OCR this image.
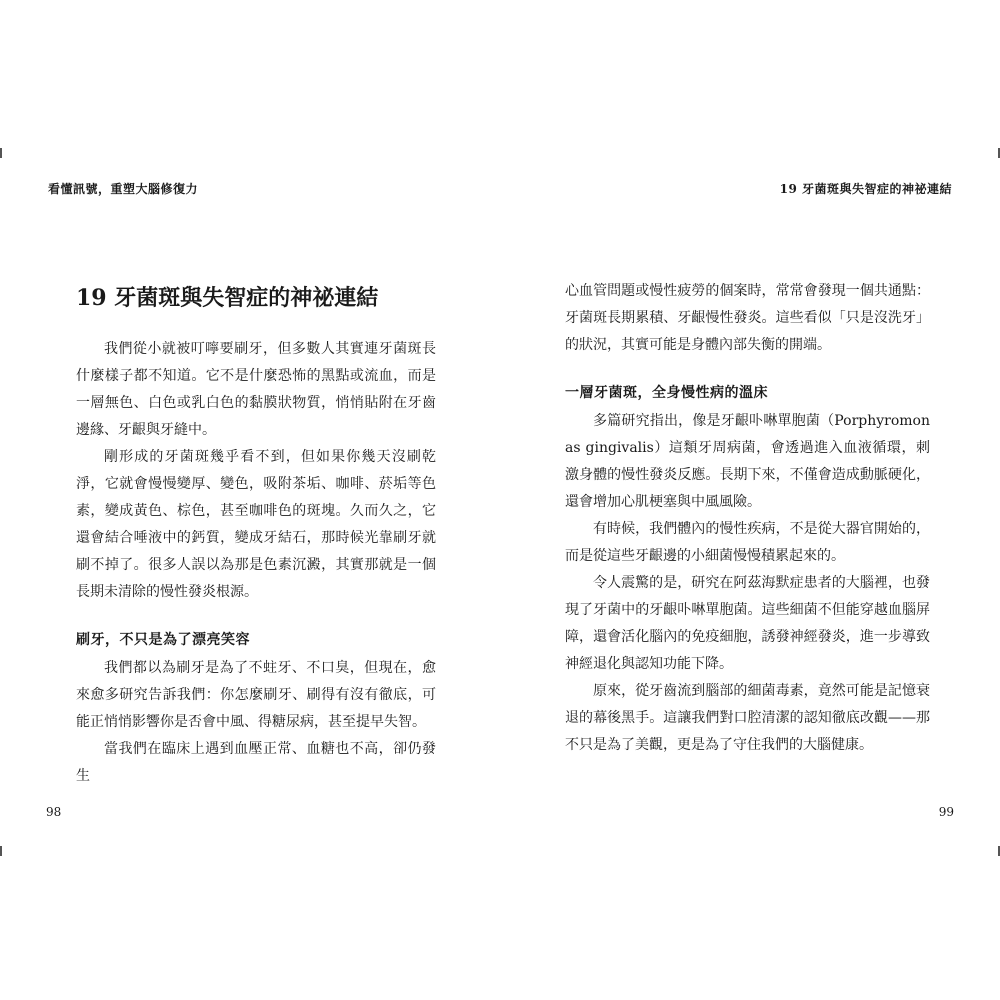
看懂訊號，重塑大腦修復力	19 牙菌斑與失智症的神祕連結
19 牙菌斑與失智症的神祕連結

我們從小就被叮嚀要刷牙，但多數人其實連牙菌斑長什麼樣子都不知道。它不是什麼恐怖的黑點或流血，而是一層無色、白色或乳白色的黏膜狀物質，悄悄貼附在牙齒邊緣、牙齦與牙縫中。

剛形成的牙菌斑幾乎看不到，但如果你幾天沒刷乾淨，它就會慢慢變厚、變色，吸附茶垢、咖啡、菸垢等色素，變成黃色、棕色，甚至咖啡色的斑塊。久而久之，它還會結合唾液中的鈣質，變成牙結石，那時候光靠刷牙就刷不掉了。很多人誤以為那是色素沉澱，其實那就是一個長期未清除的慢性發炎根源。

刷牙，不只是為了漂亮笑容

我們都以為刷牙是為了不蛀牙、不口臭，但現在，愈來愈多研究告訴我們：你怎麼刷牙、刷得有沒有徹底，可能正悄悄影響你是否會中風、得糖尿病，甚至提早失智。

當我們在臨床上遇到血壓正常、血糖也不高，卻仍發生

心血管問題或慢性疲勞的個案時，常常會發現一個共通點：牙菌斑長期累積、牙齦慢性發炎。這些看似「只是沒洗牙」的狀況，其實可能是身體內部失衡的開端。

一層牙菌斑，全身慢性病的溫床

多篇研究指出，像是牙齦卟啉單胞菌（Porphyromonas gingivalis）這類牙周病菌，會透過進入血液循環，刺激身體的慢性發炎反應。長期下來，不僅會造成動脈硬化，還會增加心肌梗塞與中風風險。

有時候，我們體內的慢性疾病，不是從大器官開始的，而是從這些牙齦邊的小細菌慢慢積累起來的。

令人震驚的是，研究在阿茲海默症患者的大腦裡，也發現了牙菌中的牙齦卟啉單胞菌。這些細菌不但能穿越血腦屏障，還會活化腦內的免疫細胞，誘發神經發炎，進一步導致神經退化與認知功能下降。

原來，從牙齒流到腦部的細菌毒素，竟然可能是記憶衰退的幕後黑手。這讓我們對口腔清潔的認知徹底改觀——那不只是為了美觀，更是為了守住我們的大腦健康。

98	99
